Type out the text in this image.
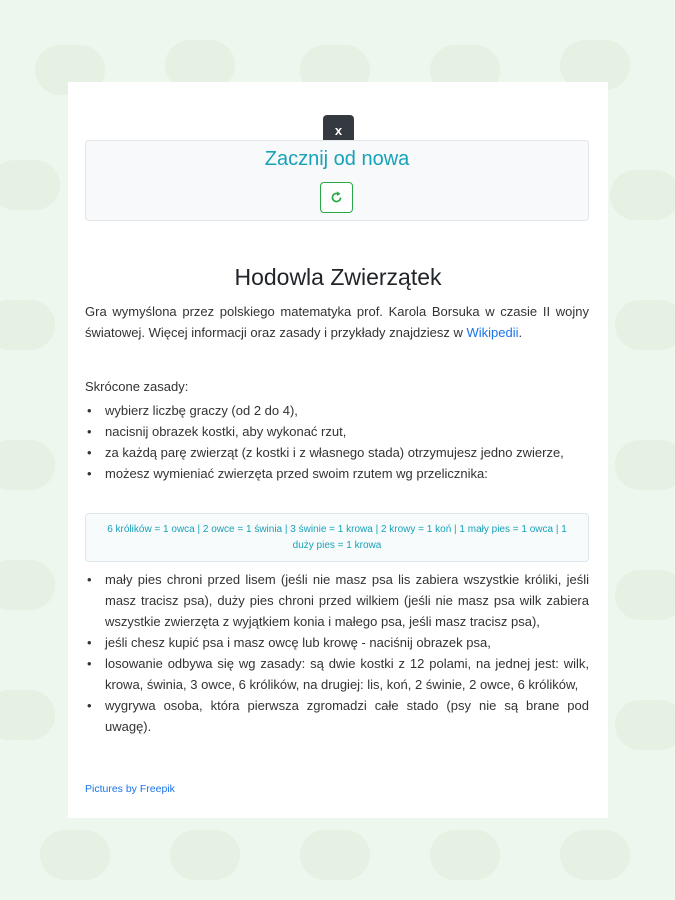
x
Zacznij od nowa
Hodowla Zwierzątek
Gra wymyślona przez polskiego matematyka prof. Karola Borsuka w czasie II wojny światowej. Więcej informacji oraz zasady i przykłady znajdziesz w Wikipedii.
Skrócone zasady:
• wybierz liczbę graczy (od 2 do 4),
• nacisnij obrazek kostki, aby wykonać rzut,
• za każdą parę zwierząt (z kostki i z własnego stada) otrzymujesz jedno zwierze,
• możesz wymieniać zwierzęta przed swoim rzutem wg przelicznika:
6 królików = 1 owca | 2 owce = 1 świnia | 3 świnie = 1 krowa | 2 krowy = 1 koń | 1 mały pies = 1 owca | 1 duży pies = 1 krowa
• mały pies chroni przed lisem (jeśli nie masz psa lis zabiera wszystkie króliki, jeśli masz tracisz psa), duży pies chroni przed wilkiem (jeśli nie masz psa wilk zabiera wszystkie zwierzęta z wyjątkiem konia i małego psa, jeśli masz tracisz psa),
• jeśli chesz kupić psa i masz owcę lub krowę - naciśnij obrazek psa,
• losowanie odbywa się wg zasady: są dwie kostki z 12 polami, na jednej jest: wilk, krowa, świnia, 3 owce, 6 królików, na drugiej: lis, koń, 2 świnie, 2 owce, 6 królików,
• wygrywa osoba, która pierwsza zgromadzi całe stado (psy nie są brane pod uwagę).
Pictures by Freepik
